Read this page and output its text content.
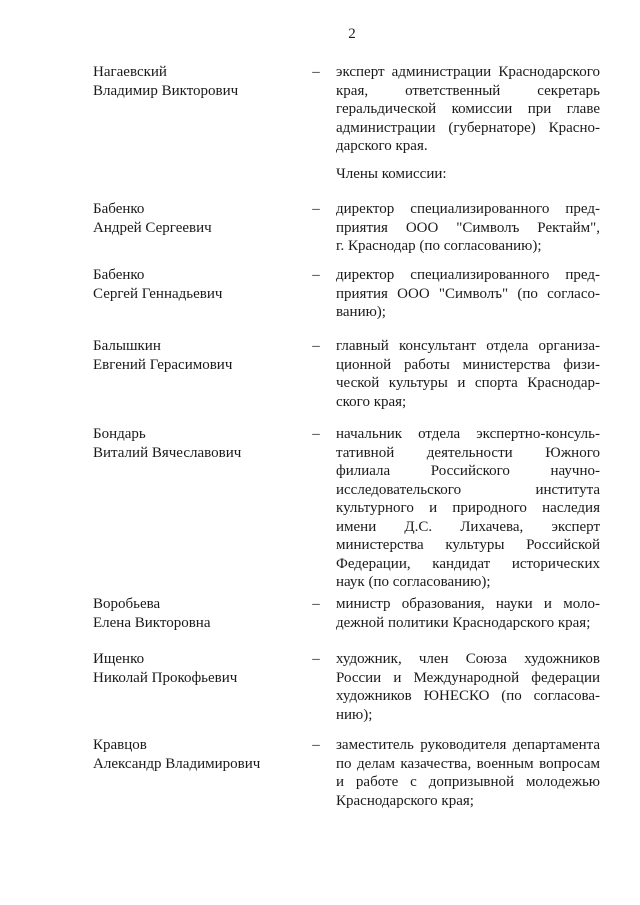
2
Нагаевский
Владимир Викторович
– эксперт администрации Краснодарского
края, ответственный секретарь
геральдической комиссии при главе
администрации (губернаторе) Красно-
дарского края.
Члены комиссии:
Бабенко
Андрей Сергеевич
– директор специализированного пред-
приятия ООО "Символъ Ректайм",
г. Краснодар (по согласованию);
Бабенко
Сергей Геннадьевич
– директор специализированного пред-
приятия ООО "Символъ" (по согласо-
ванию);
Балышкин
Евгений Герасимович
– главный консультант отдела организа-
ционной работы министерства физи-
ческой культуры и спорта Краснодар-
ского края;
Бондарь
Виталий Вячеславович
– начальник отдела экспертно-консуль-
тативной деятельности Южного
филиала Российского научно-
исследовательского института
культурного и природного наследия
имени Д.С. Лихачева, эксперт
министерства культуры Российской
Федерации, кандидат исторических
наук (по согласованию);
Воробьева
Елена Викторовна
– министр образования, науки и моло-
дежной политики Краснодарского края;
Ищенко
Николай Прокофьевич
– художник, член Союза художников
России и Международной федерации
художников ЮНЕСКО (по согласова-
нию);
Кравцов
Александр Владимирович
– заместитель руководителя департамента
по делам казачества, военным вопросам
и работе с допризывной молодежью
Краснодарского края;
